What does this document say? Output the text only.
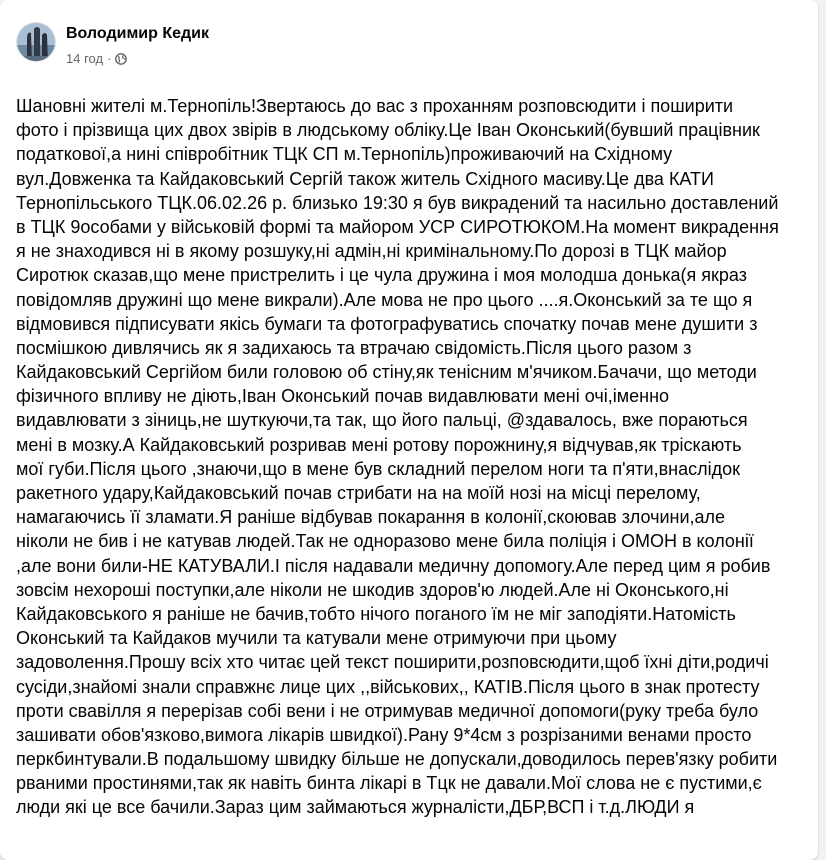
Володимир Кедик
14 год ·
Шановні жителі м.Тернопіль!Звертаюсь до вас з проханням розповсюдити і поширити
фото і прізвища цих двох звірів в людському обліку.Це Іван Оконський(бувший працівник
податкової,а нині співробітник ТЦК СП м.Тернопіль)проживаючий на Східному
вул.Довженка та Кайдаковський Сергій також житель Східного масиву.Це два КАТИ
Тернопільського ТЦК.06.02.26 р. близько 19:30 я був викрадений та насильно доставлений
в ТЦК 9особами у військовій формі та майором УСР СИРОТЮКОМ.На момент викрадення
я не знаходився ні в якому розшуку,ні адмін,ні кримінальному.По дорозі в ТЦК майор
Сиротюк сказав,що мене пристрелить і це чула дружина і моя молодша донька(я якраз
повідомляв дружині що мене викрали).Але мова не про цього ....я.Оконський за те що я
відмовився підписувати якісь бумаги та фотографуватись спочатку почав мене душити з
посмішкою дивлячись як я задихаюсь та втрачаю свідомість.Після цього разом з
Кайдаковський Сергійом били головою об стіну,як тенісним м'ячиком.Бачачи, що методи
фізичного впливу не діють,Іван Оконський почав видавлювати мені очі,іменно
видавлювати з зіниць,не шуткуючи,та так, що його пальці, @здавалось, вже пораються
мені в мозку.А Кайдаковський розривав мені ротову порожнину,я відчував,як тріскають
мої губи.Після цього ,знаючи,що в мене був складний перелом ноги та п'яти,внаслідок
ракетного удару,Кайдаковський почав стрибати на на моїй нозі на місці перелому,
намагаючись її зламати.Я раніше відбував покарання в колонії,скоював злочини,але
ніколи не бив і не катував людей.Так не одноразово мене била поліція і ОМОН в колонії
,але вони били-НЕ КАТУВАЛИ.І після надавали медичну допомогу.Але перед цим я робив
зовсім нехороші поступки,але ніколи не шкодив здоров'ю людей.Але ні Оконського,ні
Кайдаковського я раніше не бачив,тобто нічого поганого їм не міг заподіяти.Натомість
Оконський та Кайдаков мучили та катували мене отримуючи при цьому
задоволення.Прошу всіх хто читає цей текст поширити,розповсюдити,щоб їхні діти,родичі
сусіди,знайомі знали справжнє лице цих ,,військових,, КАТІВ.Після цього в знак протесту
проти свавілля я перерізав собі вени і не отримував медичної допомоги(руку треба було
зашивати обов'язково,вимога лікарів швидкої).Рану 9*4см з розрізаними венами просто
перкбинтували.В подальшому швидку більше не допускали,доводилось перев'язку робити
рваними простинями,так як навіть бинта лікарі в Тцк не давали.Мої слова не є пустими,є
люди які це все бачили.Зараз цим займаються журналісти,ДБР,ВСП і т.д.ЛЮДИ я
